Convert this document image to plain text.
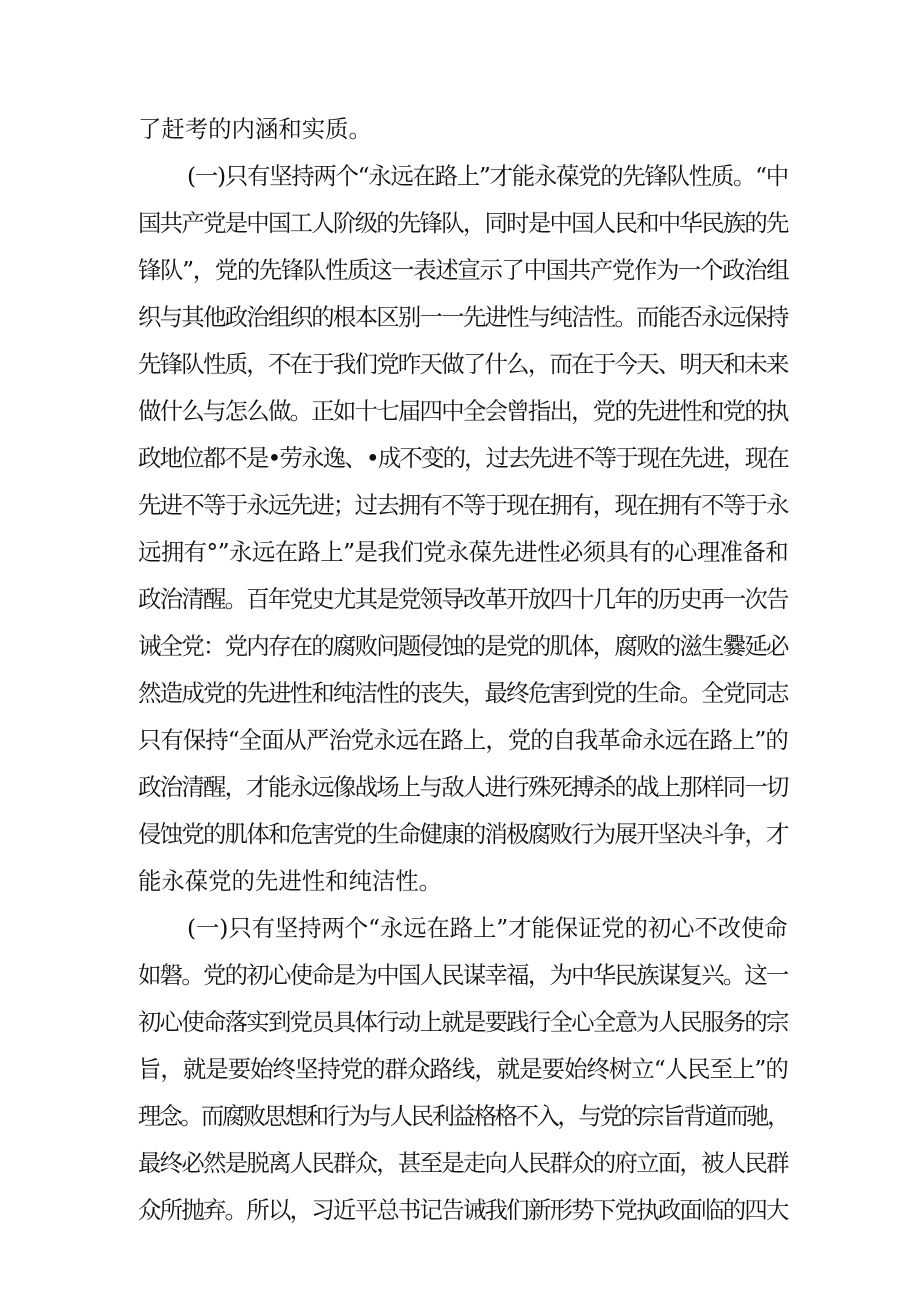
了赶考的内涵和实质。
(一)只有坚持两个“永远在路上”才能永葆党的先锋队性质。“中
国共产党是中国工人阶级的先锋队，同时是中国人民和中华民族的先
锋队”，党的先锋队性质这一表述宣示了中国共产党作为一个政治组
织与其他政治组织的根本区别一一先进性与纯洁性。而能否永远保持
先锋队性质，不在于我们党昨天做了什么，而在于今天、明天和未来
做什么与怎么做。正如十七届四中全会曾指出，党的先进性和党的执
政地位都不是•劳永逸、•成不变的，过去先进不等于现在先进，现在
先进不等于永远先进；过去拥有不等于现在拥有，现在拥有不等于永
远拥有°”永远在路上”是我们党永葆先进性必须具有的心理准备和
政治清醒。百年党史尤其是党领导改革开放四十几年的历史再一次告
诫全党：党内存在的腐败问题侵蚀的是党的肌体，腐败的滋生爨延必
然造成党的先进性和纯洁性的丧失，最终危害到党的生命。全党同志
只有保持“全面从严治党永远在路上，党的自我革命永远在路上”的
政治清醒，才能永远像战场上与敌人进行殊死搏杀的战上那样同一切
侵蚀党的肌体和危害党的生命健康的消极腐败行为展开坚决斗争，才
能永葆党的先进性和纯洁性。
(一)只有坚持两个“永远在路上”才能保证党的初心不改使命
如磐。党的初心使命是为中国人民谋幸福，为中华民族谋复兴。这一
初心使命落实到党员具体行动上就是要践行全心全意为人民服务的宗
旨，就是要始终坚持党的群众路线，就是要始终树立“人民至上”的
理念。而腐败思想和行为与人民利益格格不入，与党的宗旨背道而驰，
最终必然是脱离人民群众，甚至是走向人民群众的府立面，被人民群
众所抛弃。所以，习近平总书记告诫我们新形势下党执政面临的四大
